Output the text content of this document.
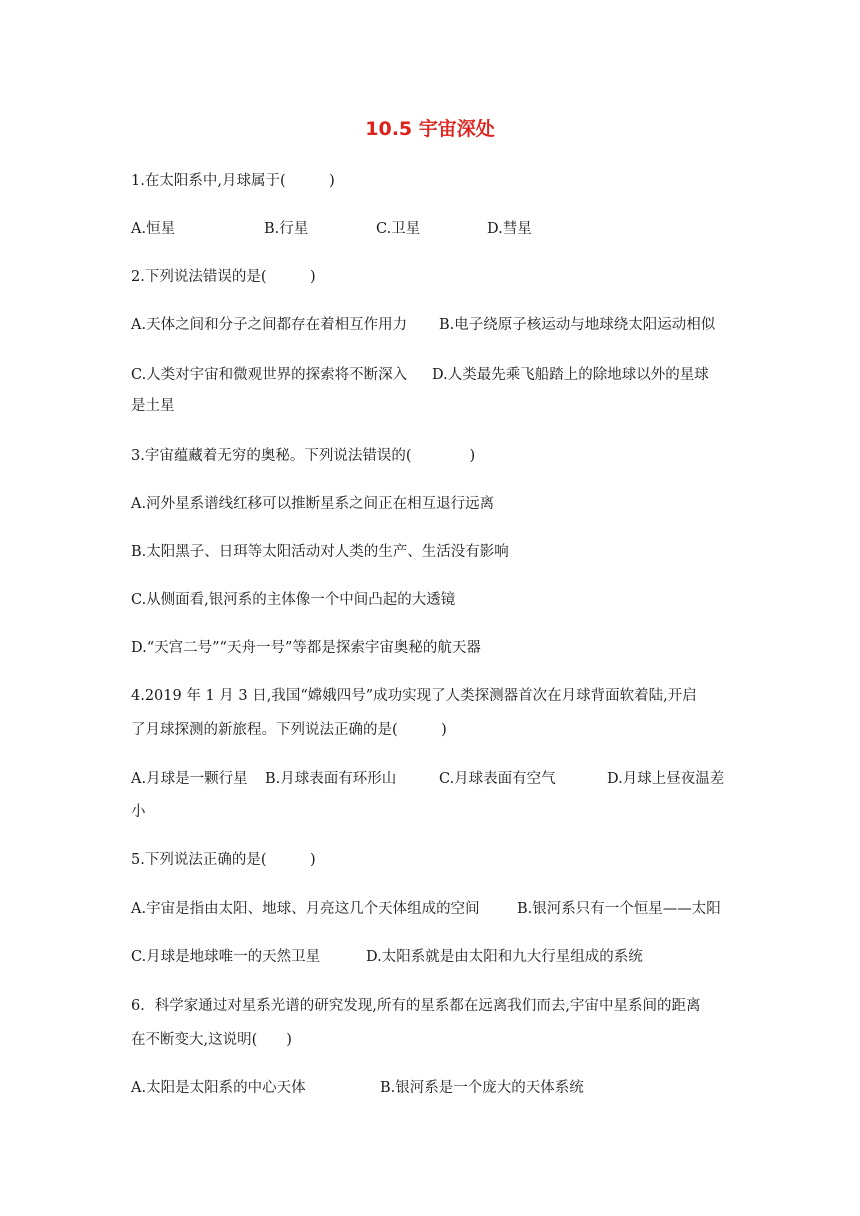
10.5 宇宙深处
1.在太阳系中,月球属于(　　　)
A.恒星	B.行星	C.卫星	D.彗星
2.下列说法错误的是(　　　)
A.天体之间和分子之间都存在着相互作用力 B.电子绕原子核运动与地球绕太阳运动相似
C.人类对宇宙和微观世界的探索将不断深入 D.人类最先乘飞船踏上的除地球以外的星球
是土星
3.宇宙蕴藏着无穷的奥秘。下列说法错误的(　　　　)
A.河外星系谱线红移可以推断星系之间正在相互退行远离
B.太阳黑子、日珥等太阳活动对人类的生产、生活没有影响
C.从侧面看,银河系的主体像一个中间凸起的大透镜
D.“天宫二号”“天舟一号”等都是探索宇宙奥秘的航天器
4.2019 年 1 月 3 日,我国“嫦娥四号”成功实现了人类探测器首次在月球背面软着陆,开启
了月球探测的新旅程。下列说法正确的是(　　　)
A.月球是一颗行星 B.月球表面有环形山	C.月球表面有空气	D.月球上昼夜温差
小
5.下列说法正确的是(　　　)
A.宇宙是指由太阳、地球、月亮这几个天体组成的空间	B.银河系只有一个恒星——太阳
C.月球是地球唯一的天然卫星	D.太阳系就是由太阳和九大行星组成的系统
6．科学家通过对星系光谱的研究发现,所有的星系都在远离我们而去,宇宙中星系间的距离
在不断变大,这说明(　　)
A.太阳是太阳系的中心天体	B.银河系是一个庞大的天体系统
